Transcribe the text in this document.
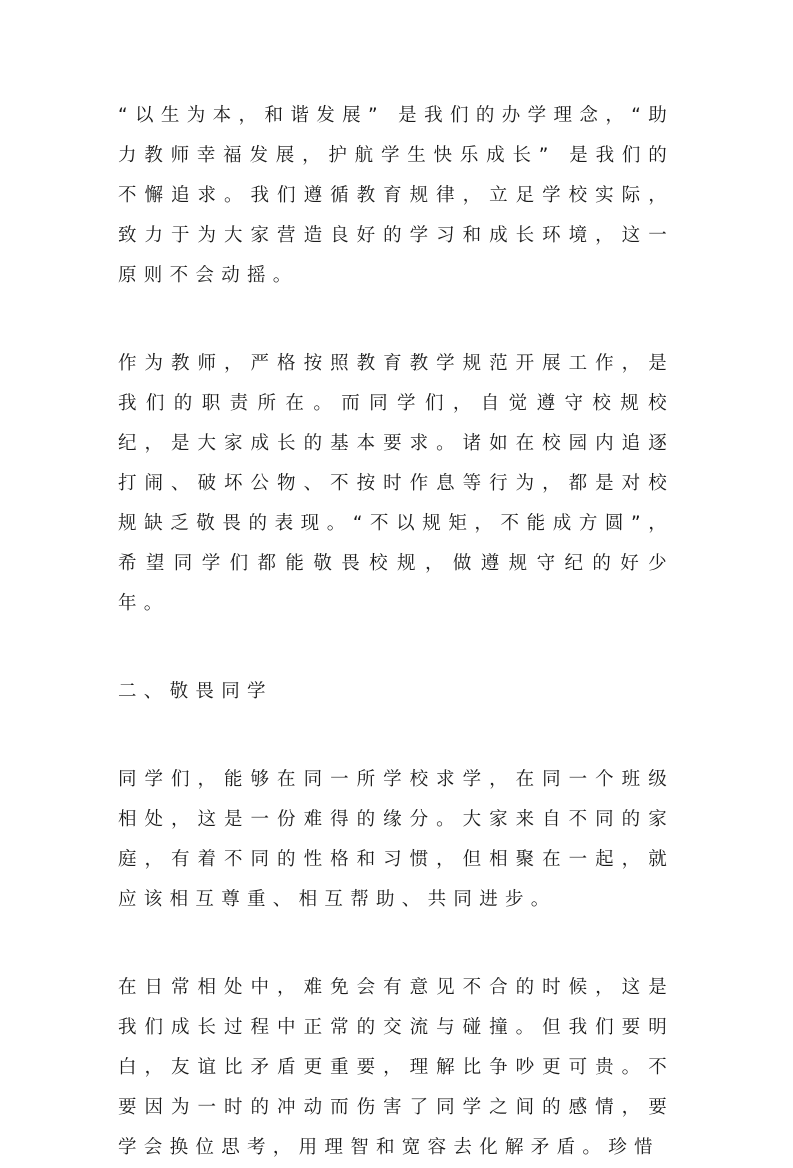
“以生为本，和谐发展” 是我们的办学理念，“助力教师幸福发展，护航学生快乐成长” 是我们的不懈追求。我们遵循教育规律，立足学校实际，致力于为大家营造良好的学习和成长环境，这一原则不会动摇。

作为教师，严格按照教育教学规范开展工作，是我们的职责所在。而同学们，自觉遵守校规校纪，是大家成长的基本要求。诸如在校园内追逐打闹、破坏公物、不按时作息等行为，都是对校规缺乏敬畏的表现。“不以规矩，不能成方圆”，希望同学们都能敬畏校规，做遵规守纪的好少年。

二、敬畏同学

同学们，能够在同一所学校求学，在同一个班级相处，这是一份难得的缘分。大家来自不同的家庭，有着不同的性格和习惯，但相聚在一起，就应该相互尊重、相互帮助、共同进步。

在日常相处中，难免会有意见不合的时候，这是我们成长过程中正常的交流与碰撞。但我们要明白，友谊比矛盾更重要，理解比争吵更可贵。不要因为一时的冲动而伤害了同学之间的感情，要学会换位思考，用理智和宽容去化解矛盾。珍惜
